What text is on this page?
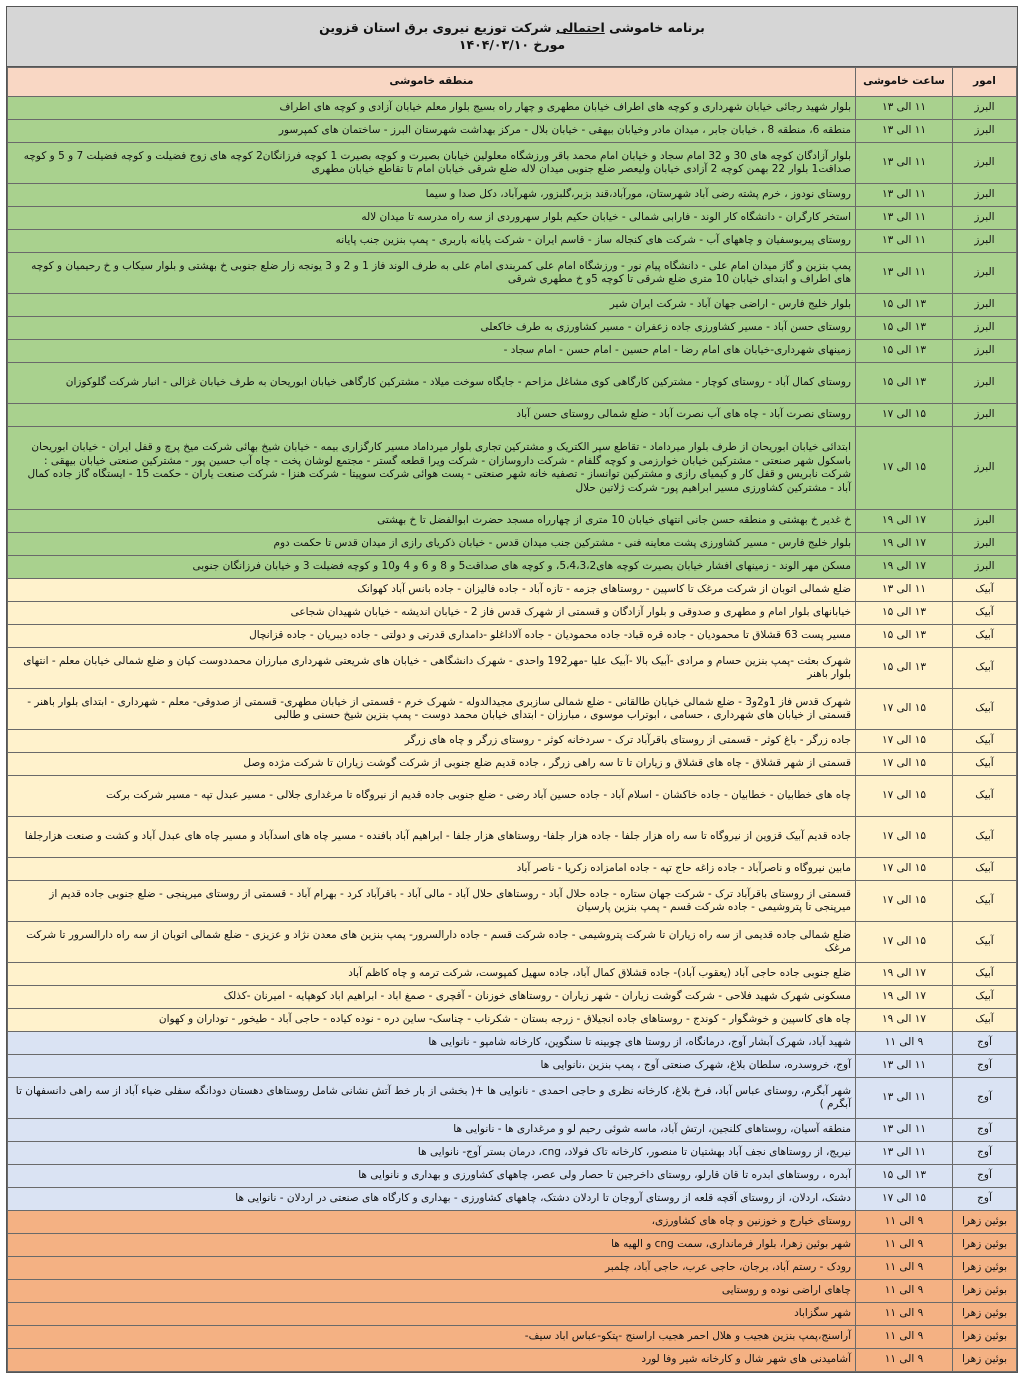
برنامه خاموشی احتمالی شرکت توزیع نیروی برق استان قزوین
مورخ ۱۴۰۴/۰۳/۱۰
امور	ساعت خاموشی	منطقه خاموشی
البرز	۱۱ الی ۱۳	بلوار شهید رجائی خیابان شهرداری و کوچه های اطراف خیابان مطهری و چهار راه بسیج بلوار معلم خیابان آزادی و کوچه های اطراف
البرز	۱۱ الی ۱۳	منطقه 6، منطقه 8 ، خیابان جابر ، میدان مادر وخیابان بیهقی - خیابان بلال - مرکز بهداشت شهرستان البرز - ساختمان های کمپرسور
البرز	۱۱ الی ۱۳	بلوار آزادگان کوچه های 30 و 32 امام سجاد و خیابان امام محمد باقر ورزشگاه معلولین خیابان بصیرت و کوچه بصیرت 1 کوچه فرزانگان2 کوچه های زوج فضیلت و کوچه فضیلت 7 و 5 و کوچه صداقت1 بلوار 22 بهمن کوچه 2 آزادی خیابان ولیعصر ضلع جنوبی میدان لاله ضلع شرقی خیابان امام تا تقاطع خیابان مطهری
البرز	۱۱ الی ۱۳	روستای نودوز ، خرم پشته رضی آباد شهرستان، مورآباد،قند بزبر،گلبزور، شهرآباد، دکل صدا و سیما
البرز	۱۱ الی ۱۳	استخر کارگران - دانشگاه کار الوند - فارابی شمالی - خیابان حکیم بلوار سهروردی از سه راه مدرسه تا میدان لاله
البرز	۱۱ الی ۱۳	روستای پیربوسفیان و چاههای آب - شرکت های کنجاله ساز - قاسم ایران - شرکت پایانه باربری - پمپ بنزین جنب پایانه
البرز	۱۱ الی ۱۳	پمپ بنزین و گاز میدان امام علی - دانشگاه پیام نور - ورزشگاه امام علی کمربندی امام علی به طرف الوند فاز 1 و 2 و 3 یونجه زار ضلع جنوبی خ بهشتی و بلوار سیکاب و خ رحیمیان و کوچه های اطراف و ابتدای خیابان 10 متری ضلع شرقی تا کوچه 5و خ مطهری شرقی
البرز	۱۳ الی ۱۵	بلوار خلیج فارس - اراضی جهان آباد - شرکت ایران شیر
البرز	۱۳ الی ۱۵	روستای حسن آباد - مسیر کشاورزی جاده زعفران - مسیر کشاورزی به طرف خاکعلی
البرز	۱۳ الی ۱۵	زمینهای شهرداری-خیابان های امام رضا - امام حسین - امام حسن - امام سجاد -
البرز	۱۳ الی ۱۵	روستای کمال آباد - روستای کوچار - مشترکین کارگاهی کوی مشاغل مزاحم - جایگاه سوخت میلاد - مشترکین کارگاهی خیابان ابوریحان به طرف خیابان غزالی - انبار شرکت گلوکوزان
البرز	۱۵ الی ۱۷	روستای نصرت آباد - چاه های آب نصرت آباد - ضلع شمالی روستای حسن آباد
البرز	۱۵ الی ۱۷	ابتدائی خیابان ابوریحان از طرف بلوار میرداماد - تقاطع سپر الکتریک و مشترکین تجاری بلوار میرداماد مسیر کارگزاری بیمه - خیابان شیخ بهائی شرکت میخ پرچ و قفل ایران - خیابان ابوریحان باسکول شهر صنعتی - مشترکین خیابان خوارزمی و کوچه گلفام - شرکت داروسازان - شرکت ویرا قطعه گستر - مجتمع لوشان پخت - چاه آب حسین پور - مشترکین صنعتی خیابان بیهقی : شرکت نابریس و قفل کار و کیمیای رازی و مشترکین توانساز - تصفیه خانه شهر صنعتی - پست هوائی شرکت سوپیتا - شرکت هنزا - شرکت صنعت یاران - حکمت 15 - ایستگاه گاز جاده کمال آباد - مشترکین کشاورزی مسیر ابراهیم پور- شرکت ژلاتین حلال
البرز	۱۷ الی ۱۹	خ غدیر خ بهشتی و منطقه حسن جانی انتهای خیابان 10 متری از چهارراه مسجد حضرت ابوالفضل تا خ بهشتی
البرز	۱۷ الی ۱۹	بلوار خلیج فارس - مسیر کشاورزی پشت معاینه فنی - مشترکین جنب میدان قدس - خیابان ذکریای رازی از میدان قدس تا حکمت دوم
البرز	۱۷ الی ۱۹	مسکن مهر الوند - زمینهای افشار خیابان بصیرت کوچه های5،4،3،2، و کوچه های صداقت5 و 8 و 6 و 4 و10 و کوچه فضیلت 3 و خیابان فرزانگان جنوبی
آبیک	۱۱ الی ۱۳	ضلع شمالی اتوبان از شرکت مرغک تا کاسپین - روستاهای جزمه - تازه آباد - جاده فالیزان - جاده بانس آباد کهوانک
آبیک	۱۳ الی ۱۵	خیابانهای بلوار امام و مطهری و صدوقی و بلوار آزادگان و قسمتی از شهرک قدس فاز 2 - خیابان اندیشه - خیابان شهیدان شجاعی
آبیک	۱۳ الی ۱۵	مسیر پست 63 قشلاق تا محمودیان - جاده قره قباد- جاده محمودیان - جاده آلاداغلو -دامداری قدرتی و دولتی - جاده دیبریان - جاده قزانچال
آبیک	۱۳ الی ۱۵	شهرک بعثت -پمپ بنزین حسام و مرادی -آبیک بالا -آبیک علیا -مهر192 واحدی - شهرک دانشگاهی - خیابان های شریعتی شهرداری مبارزان محمددوست کیان و ضلع شمالی خیابان معلم - انتهای بلوار باهنر
آبیک	۱۵ الی ۱۷	شهرک قدس فاز 1و2و3 - ضلع شمالی خیابان طالقانی - ضلع شمالی سازبری مجیدالدوله - شهرک خرم - قسمتی از خیابان مطهری- قسمتی از صدوقی- معلم - شهرداری - ابتدای بلوار باهنر - قسمتی از خیابان های شهرداری ، حسامی ، ابوتراب موسوی ، مبارزان - ابتدای خیابان محمد دوست - پمپ بنزین شیخ حسنی و طالبی
آبیک	۱۵ الی ۱۷	جاده زرگر - باغ کوثر - قسمتی از روستای باقرآباد ترک - سردخانه کوثر - روستای زرگر و چاه های زرگر
آبیک	۱۵ الی ۱۷	قسمتی از شهر قشلاق - چاه های قشلاق و زیاران تا تا سه راهی زرگر ، جاده قدیم ضلع جنوبی از شرکت گوشت زیاران تا شرکت مژده وصل
آبیک	۱۵ الی ۱۷	چاه های خطابیان - خطابیان - جاده خاکشان - اسلام آباد - جاده حسین آباد رضی - ضلع جنوبی جاده قدیم از نیروگاه تا مرغداری جلالی - مسیر عبدل تپه - مسیر شرکت برکت
آبیک	۱۵ الی ۱۷	جاده قدیم آبیک قزوین از نیروگاه تا سه راه هزار جلفا - جاده هزار جلفا- روستاهای هزار جلفا - ابراهیم آباد بافنده - مسیر چاه های اسدآباد و مسیر چاه های عبدل آباد و کشت و صنعت هزارجلفا
آبیک	۱۵ الی ۱۷	مابین نیروگاه و ناصرآباد - جاده زاغه حاج تپه - جاده امامزاده زکریا - ناصر آباد
آبیک	۱۵ الی ۱۷	قسمتی از روستای باقرآباد ترک - شرکت جهان ستاره - جاده حلال آباد - روستاهای حلال آباد - مالی آباد - باقرآباد کرد - بهرام آباد - قسمتی از روستای میرپنجی - ضلع جنوبی جاده قدیم از میرپنجی تا پتروشیمی - جاده شرکت قسم - پمپ بنزین پارسیان
آبیک	۱۵ الی ۱۷	ضلع شمالی جاده قدیمی از سه راه زیاران تا شرکت پتروشیمی - جاده شرکت قسم - جاده دارالسرور- پمپ بنزین های معدن نژاد و عزیزی - ضلع شمالی اتوبان از سه راه دارالسرور تا شرکت مرغک
آبیک	۱۷ الی ۱۹	ضلع جنوبی جاده حاجی آباد (یعقوب آباد)- جاده قشلاق کمال آباد، جاده سهیل کمپوست، شرکت ترمه و چاه کاظم آباد
آبیک	۱۷ الی ۱۹	مسکونی شهرک شهید فلاحی - شرکت گوشت زیاران - شهر زیاران - روستاهای خوزنان - آقچری - صمغ اباد - ابراهیم اباد کوهپایه - امیرنان -کذلک
آبیک	۱۷ الی ۱۹	چاه های کاسپین و خوشگوار - کوندج - روستاهای جاده انجیلاق - زرجه بستان - شکرناب - چناسک- ساین دره - نوده کیاده - حاجی آباد - طیخور - توداران و کهوان
آوج	۹ الی ۱۱	شهید آباد، شهرک آبشار آوج، درمانگاه، از روستا های چوبینه تا سنگوین، کارخانه شامپو - نانوایی ها
آوج	۱۱ الی ۱۳	آوج، خروسدره، سلطان بلاغ، شهرک صنعتی آوج ، پمپ بنزین ،نانوایی ها
آوج	۱۱ الی ۱۳	شهر آبگرم، روستای عباس آباد، فرخ بلاغ، کارخانه نظری و حاجی احمدی - نانوایی ها +( بخشی از بار خط آتش نشانی شامل روستاهای دهستان دودانگه سفلی ضیاء آباد از سه راهی دانسفهان تا آبگرم )
آوج	۱۱ الی ۱۳	منطقه آسیان، روستاهای کلنجین، ارتش آباد، ماسه شوئی رحیم لو و مرغداری ها - نانوایی ها
آوج	۱۱ الی ۱۳	نیریج، از روستاهای نجف آباد بهشتیان تا منصور، کارخانه تاک فولاد، cng، درمان بستر آوج- نانوایی ها
آوج	۱۳ الی ۱۵	آبدره ، روستاهای ابدره تا قان قارلو، روستای داخرجین تا حصار ولی عصر، چاههای کشاورزی و بهداری و نانوایی ها
آوج	۱۵ الی ۱۷	دشتک، اردلان، از روستای آقچه قلعه از روستای آروجان تا اردلان دشتک، چاههای کشاورزی - بهداری و کارگاه های صنعتی در اردلان - نانوایی ها
بوئین زهرا	۹ الی ۱۱	روستای خیارج و خوزنین و چاه های کشاورزی،
بوئین زهرا	۹ الی ۱۱	شهر بوئین زهرا، بلوار فرمانداری، سمت cng و الهیه ها
بوئین زهرا	۹ الی ۱۱	رودک - رستم آباد، برجان، حاجی عرب، حاجی آباد، چلمبر
بوئین زهرا	۹ الی ۱۱	چاهای اراضی نوده و روستایی
بوئین زهرا	۹ الی ۱۱	شهر سگزاباد
بوئین زهرا	۹ الی ۱۱	آراسنج،پمپ بنزین هجیب و هلال احمر هجیب اراسنج -پتکو-عباس اباد سیف-
بوئین زهرا	۹ الی ۱۱	آشامیدنی های شهر شال و کارخانه شیر وفا لورد
